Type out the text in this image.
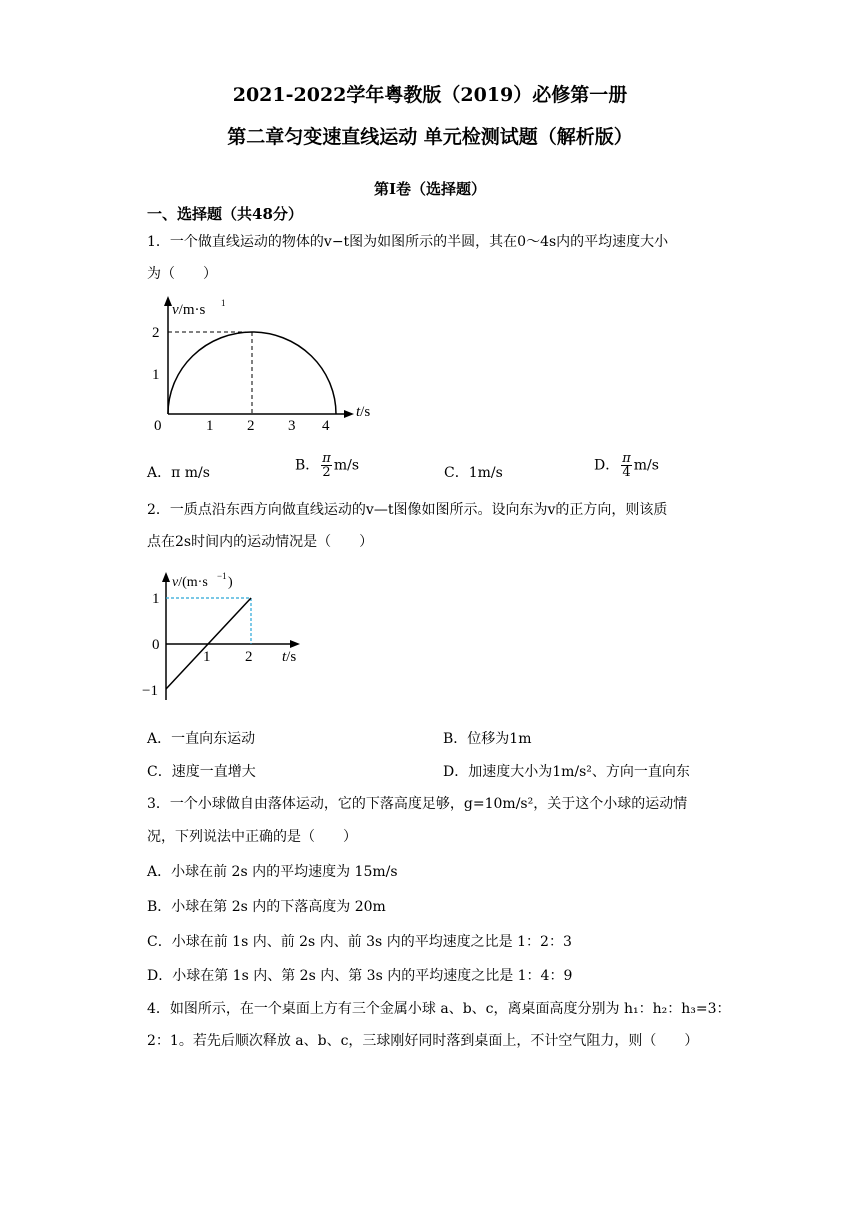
2021-2022学年粤教版（2019）必修第一册
第二章匀变速直线运动 单元检测试题（解析版）
第Ⅰ卷（选择题）
一、选择题（共48分）
1．一个做直线运动的物体的v−t图为如图所示的半圆，其在0～4s内的平均速度大小
为（　　）
v/m·s 1
2
1
0	1 2 3 4
t/s
A．π m/s	B． $\frac{\pi}{2} m/s$	C．1m/s	D． $\frac{\pi}{4} m/s$
2．一质点沿东西方向做直线运动的v—t图像如图所示。设向东为v的正方向，则该质
点在2s时间内的运动情况是（　　）
v/(m·s −1 )
1
0
−1
1 2 t/s
A．一直向东运动	B．位移为1m
C．速度一直增大	D．加速度大小为1m/s²、方向一直向东
3．一个小球做自由落体运动，它的下落高度足够，g=10m/s²，关于这个小球的运动情
况，下列说法中正确的是（　　）
A．小球在前 2s 内的平均速度为 15m/s
B．小球在第 2s 内的下落高度为 20m
C．小球在前 1s 内、前 2s 内、前 3s 内的平均速度之比是 1：2：3
D．小球在第 1s 内、第 2s 内、第 3s 内的平均速度之比是 1：4：9
4．如图所示，在一个桌面上方有三个金属小球 a、b、c，离桌面高度分别为 h₁：h₂：h₃=3：
2：1。若先后顺次释放 a、b、c，三球刚好同时落到桌面上，不计空气阻力，则（　　）
